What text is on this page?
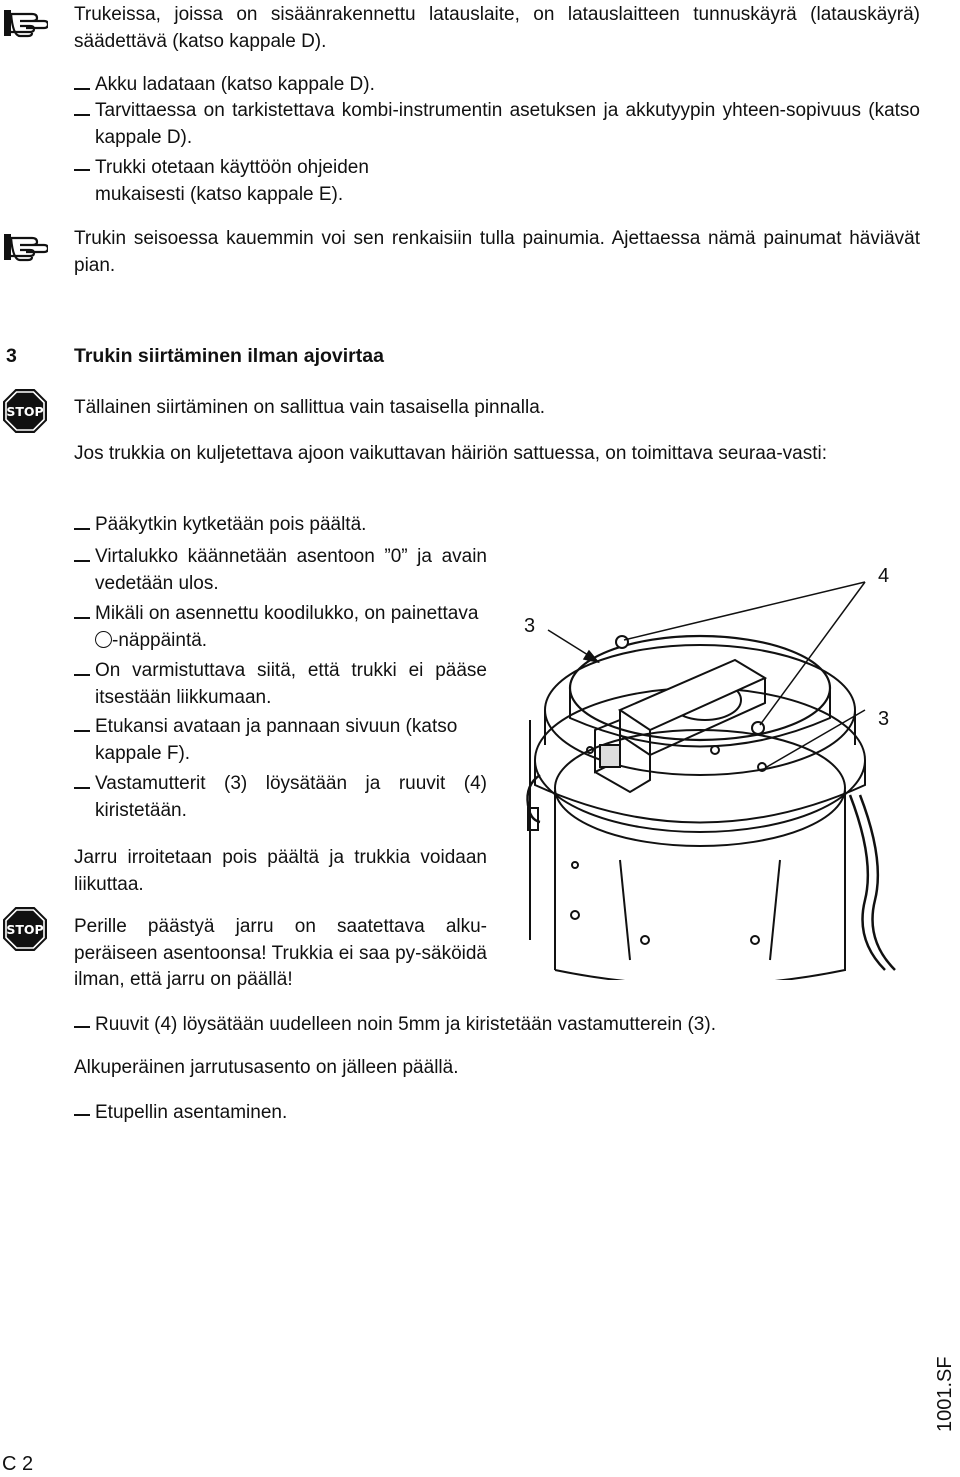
Trukeissa, joissa on sisäänrakennettu latauslaite, on latauslaitteen tunnuskäyrä (latauskäyrä) säädettävä (katso kappale D).
Akku ladataan (katso kappale D).
Tarvittaessa on tarkistettava kombi-instrumentin asetuksen ja akkutyypin yhteen-sopivuus (katso kappale D).
Trukki otetaan käyttöön ohjeiden mukaisesti (katso kappale E).
Trukin seisoessa kauemmin voi sen renkaisiin tulla painumia. Ajettaessa nämä painumat häviävät pian.
3	Trukin siirtäminen ilman ajovirtaa
STOP Tällainen siirtäminen on sallittua vain tasaisella pinnalla.
Jos trukkia on kuljetettava ajoon vaikuttavan häiriön sattuessa, on toimittava seuraa-vasti:
Pääkytkin kytketään pois päältä.
Virtalukko käännetään asentoon ”0” ja avain vedetään ulos.
Mikäli on asennettu koodilukko, on painettava -näppäintä.
On varmistuttava siitä, että trukki ei pääse itsestään liikkumaan.
Etukansi avataan ja pannaan sivuun (katso kappale F).
Vastamutterit (3) löysätään ja ruuvit (4) kiristetään.
Jarru irroitetaan pois päältä ja trukkia voidaan liikuttaa.
STOP Perille päästyä jarru on saatettava alku-peräiseen asentoonsa! Trukkia ei saa py-säköidä ilman, että jarru on päällä!
3
4
3
Ruuvit (4) löysätään uudelleen noin 5mm ja kiristetään vastamutterein (3).
Alkuperäinen jarrutusasento on jälleen päällä.
Etupellin asentaminen.
C 2
1001.SF
